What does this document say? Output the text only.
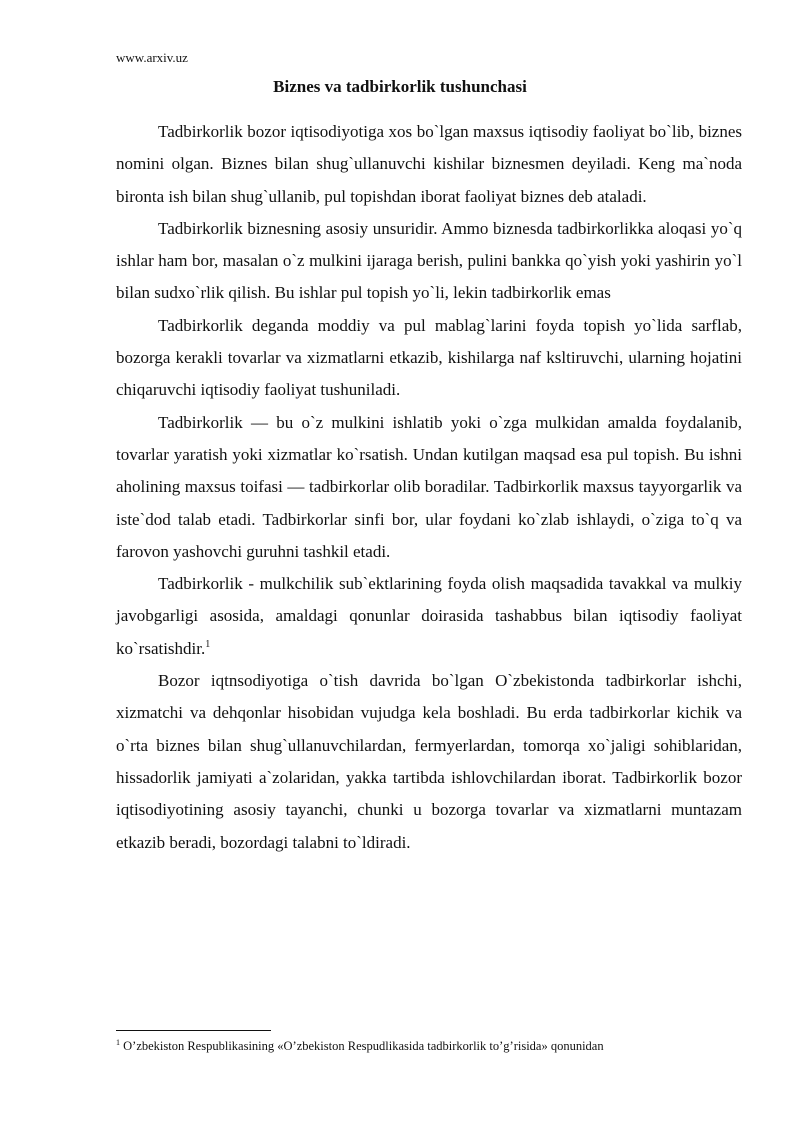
www.arxiv.uz
Biznes va tadbirkorlik tushunchasi

Tadbirkorlik bozor iqtisodiyotiga xos bo`lgan maxsus iqtisodiy faoliyat bo`lib, biznes nomini olgan. Biznes bilan shug`ullanuvchi kishilar biznesmen deyiladi. Keng ma`noda bironta ish bilan shug`ullanib, pul topishdan iborat faoliyat biznes deb ataladi.

Tadbirkorlik biznesning asosiy unsuridir. Ammo biznesda tadbirkorlikka aloqasi yo`q ishlar ham bor, masalan o`z mulkini ijaraga berish, pulini bankka qo`yish yoki yashirin yo`l bilan sudxo`rlik qilish. Bu ishlar pul topish yo`li, lekin tadbirkorlik emas

Tadbirkorlik deganda moddiy va pul mablag`larini foyda topish yo`lida sarflab, bozorga kerakli tovarlar va xizmatlarni etkazib, kishilarga naf ksltiruvchi, ularning hojatini chiqaruvchi iqtisodiy faoliyat tushuniladi.

Tadbirkorlik — bu o`z mulkini ishlatib yoki o`zga mulkidan amalda foydalanib, tovarlar yaratish yoki xizmatlar ko`rsatish. Undan kutilgan maqsad esa pul topish. Bu ishni aholining maxsus toifasi — tadbirkorlar olib boradilar. Tadbirkorlik maxsus tayyorgarlik va iste`dod talab etadi. Tadbirkorlar sinfi bor, ular foydani ko`zlab ishlaydi, o`ziga to`q va farovon yashovchi guruhni tashkil etadi.

Tadbirkorlik - mulkchilik sub`ektlarining foyda olish maqsadida tavakkal va mulkiy javobgarligi asosida, amaldagi qonunlar doirasida tashabbus bilan iqtisodiy faoliyat ko`rsatishdir.$^1$

Bozor iqtnsodiyotiga o`tish davrida bo`lgan O`zbekistonda tadbirkorlar ishchi, xizmatchi va dehqonlar hisobidan vujudga kela boshladi. Bu erda tadbirkorlar kichik va o`rta biznes bilan shug`ullanuvchilardan, fermyerlardan, tomorqa xo`jaligi sohiblaridan, hissadorlik jamiyati a`zolaridan, yakka tartibda ishlovchilardan iborat. Tadbirkorlik bozor iqtisodiyotining asosiy tayanchi, chunki u bozorga tovarlar va xizmatlarni muntazam etkazib beradi, bozordagi talabni to`ldiradi.

$^1$ O’zbekiston Respublikasining «O’zbekiston Respudlikasida tadbirkorlik to’g’risida» qonunidan
